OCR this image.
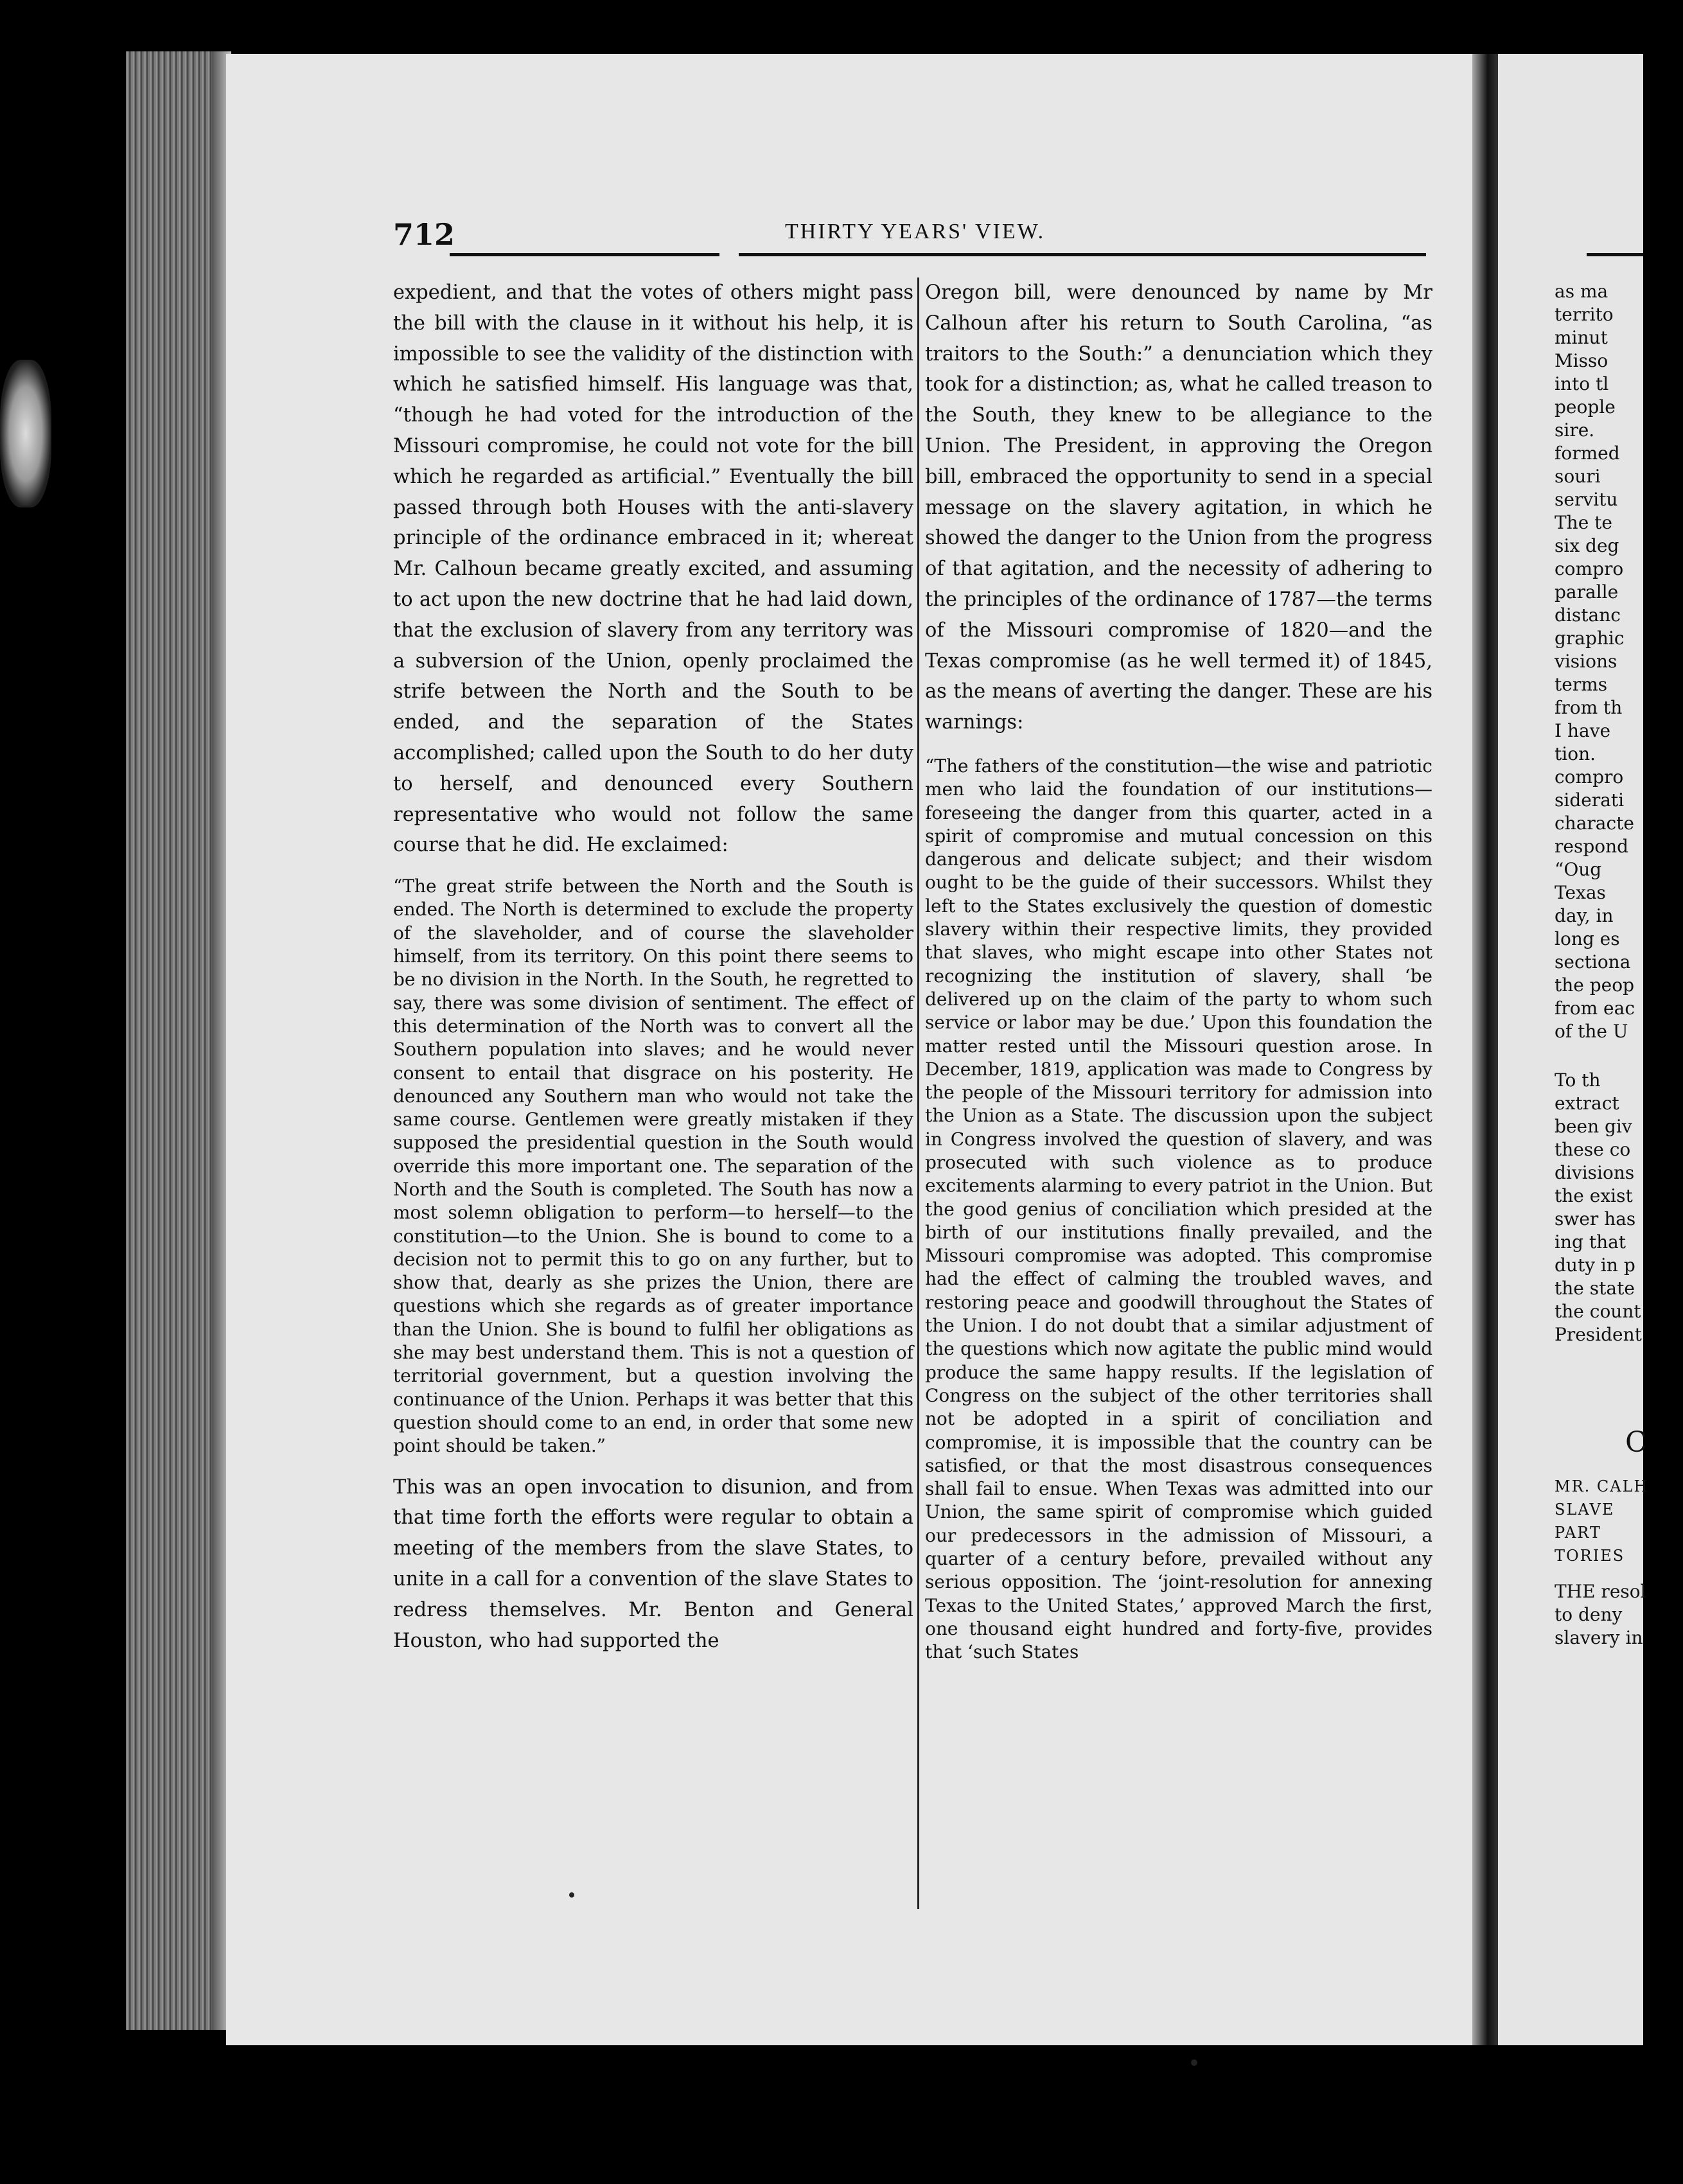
712	THIRTY YEARS' VIEW.

expedient, and that the votes of others might pass the bill with the clause in it without his help, it is impossible to see the validity of the distinction with which he satisfied himself. His language was that, “though he had voted for the introduction of the Missouri compromise, he could not vote for the bill which he regarded as artificial.” Eventually the bill passed through both Houses with the anti-slavery principle of the ordinance embraced in it; whereat Mr. Calhoun became greatly excited, and assuming to act upon the new doctrine that he had laid down, that the exclusion of slavery from any territory was a subversion of the Union, openly proclaimed the strife between the North and the South to be ended, and the separation of the States accomplished; called upon the South to do her duty to herself, and denounced every Southern representative who would not follow the same course that he did. He exclaimed:

“The great strife between the North and the South is ended. The North is determined to exclude the property of the slaveholder, and of course the slaveholder himself, from its territory. On this point there seems to be no division in the North. In the South, he regretted to say, there was some division of sentiment. The effect of this determination of the North was to convert all the Southern population into slaves; and he would never consent to entail that disgrace on his posterity. He denounced any Southern man who would not take the same course. Gentlemen were greatly mistaken if they supposed the presidential question in the South would override this more important one. The separation of the North and the South is completed. The South has now a most solemn obligation to perform—to herself—to the constitution—to the Union. She is bound to come to a decision not to permit this to go on any further, but to show that, dearly as she prizes the Union, there are questions which she regards as of greater importance than the Union. She is bound to fulfil her obligations as she may best understand them. This is not a question of territorial government, but a question involving the continuance of the Union. Perhaps it was better that this question should come to an end, in order that some new point should be taken.”

This was an open invocation to disunion, and from that time forth the efforts were regular to obtain a meeting of the members from the slave States, to unite in a call for a convention of the slave States to redress themselves. Mr. Benton and General Houston, who had supported the

Oregon bill, were denounced by name by Mr Calhoun after his return to South Carolina, “as traitors to the South:” a denunciation which they took for a distinction; as, what he called treason to the South, they knew to be allegiance to the Union. The President, in approving the Oregon bill, embraced the opportunity to send in a special message on the slavery agitation, in which he showed the danger to the Union from the progress of that agitation, and the necessity of adhering to the principles of the ordinance of 1787—the terms of the Missouri compromise of 1820—and the Texas compromise (as he well termed it) of 1845, as the means of averting the danger. These are his warnings:

“The fathers of the constitution—the wise and patriotic men who laid the foundation of our institutions—foreseeing the danger from this quarter, acted in a spirit of compromise and mutual concession on this dangerous and delicate subject; and their wisdom ought to be the guide of their successors. Whilst they left to the States exclusively the question of domestic slavery within their respective limits, they provided that slaves, who might escape into other States not recognizing the institution of slavery, shall ‘be delivered up on the claim of the party to whom such service or labor may be due.’ Upon this foundation the matter rested until the Missouri question arose. In December, 1819, application was made to Congress by the people of the Missouri territory for admission into the Union as a State. The discussion upon the subject in Congress involved the question of slavery, and was prosecuted with such violence as to produce excitements alarming to every patriot in the Union. But the good genius of conciliation which presided at the birth of our institutions finally prevailed, and the Missouri compromise was adopted. This compromise had the effect of calming the troubled waves, and restoring peace and goodwill throughout the States of the Union. I do not doubt that a similar adjustment of the questions which now agitate the public mind would produce the same happy results. If the legislation of Congress on the subject of the other territories shall not be adopted in a spirit of conciliation and compromise, it is impossible that the country can be satisfied, or that the most disastrous consequences shall fail to ensue. When Texas was admitted into our Union, the same spirit of compromise which guided our predecessors in the admission of Missouri, a quarter of a century before, prevailed without any serious opposition. The ‘joint-resolution for annexing Texas to the United States,’ approved March the first, one thousand eight hundred and forty-five, provides that ‘such States

as ma
territo
minut
Misso
into tl
people
sire.
formed
souri
servitu
The te
six deg
compro
paralle
distanc
graphic
visions
terms
from th
I have
tion.
compro
siderati
characte
respond
“Oug
Texas
day, in
long es
sectiona
the peop
from eac
of the U
To th
extract
been giv
these co
divisions
the exist
swer has
ing that
duty in p
the state
the count
President
C
MR. CALH
SLAVE
PART
TORIES
THE resol
to deny
slavery in
